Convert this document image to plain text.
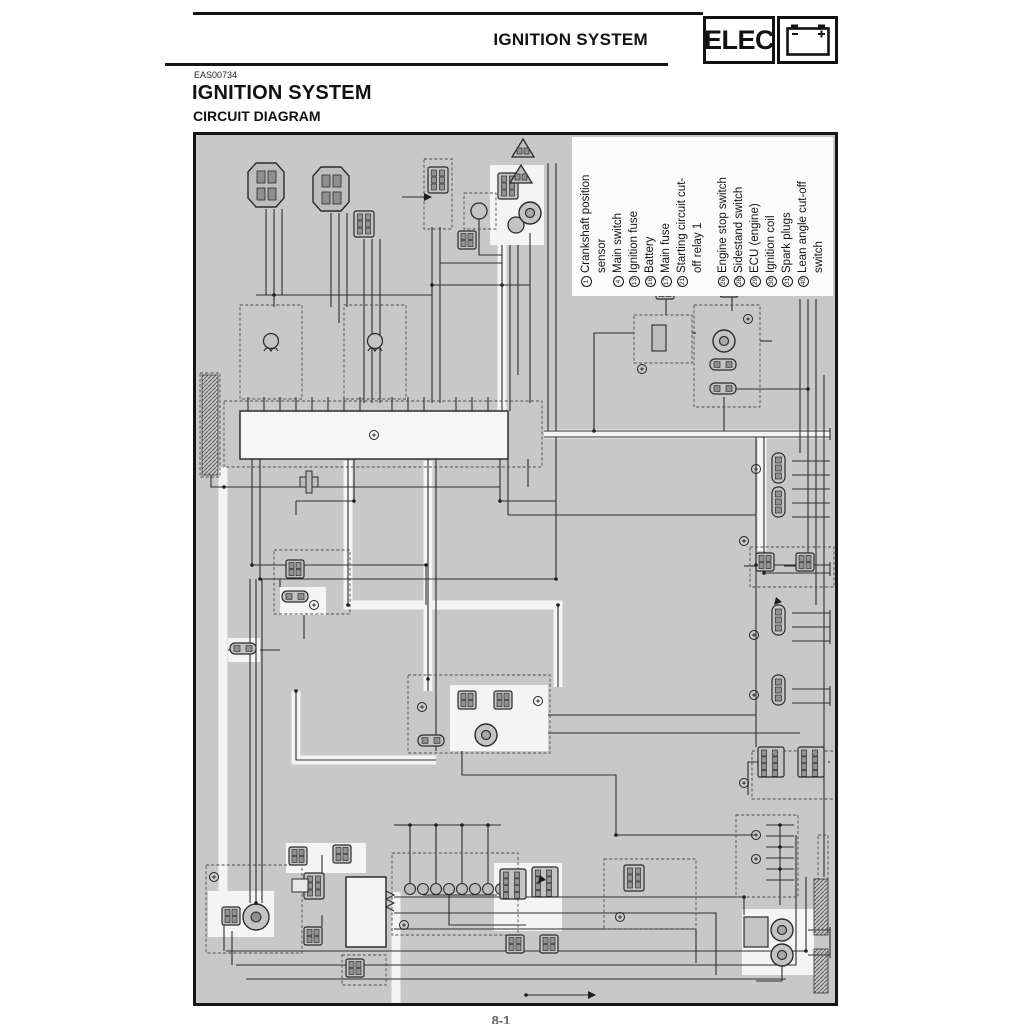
IGNITION SYSTEM ELEC
EAS00734
IGNITION SYSTEM
CIRCUIT DIAGRAM
1
Crankshaft position sensor
4
Main switch
13
Ignition fuse
16
Battery
17
Main fuse
21
Starting circuit cut- off relay 1
26
Engine stop switch
28
Sidestand switch
29
ECU (engine)
30
Ignition coil
31
Spark plugs
40
Lean angle cut-off switch
8-1
